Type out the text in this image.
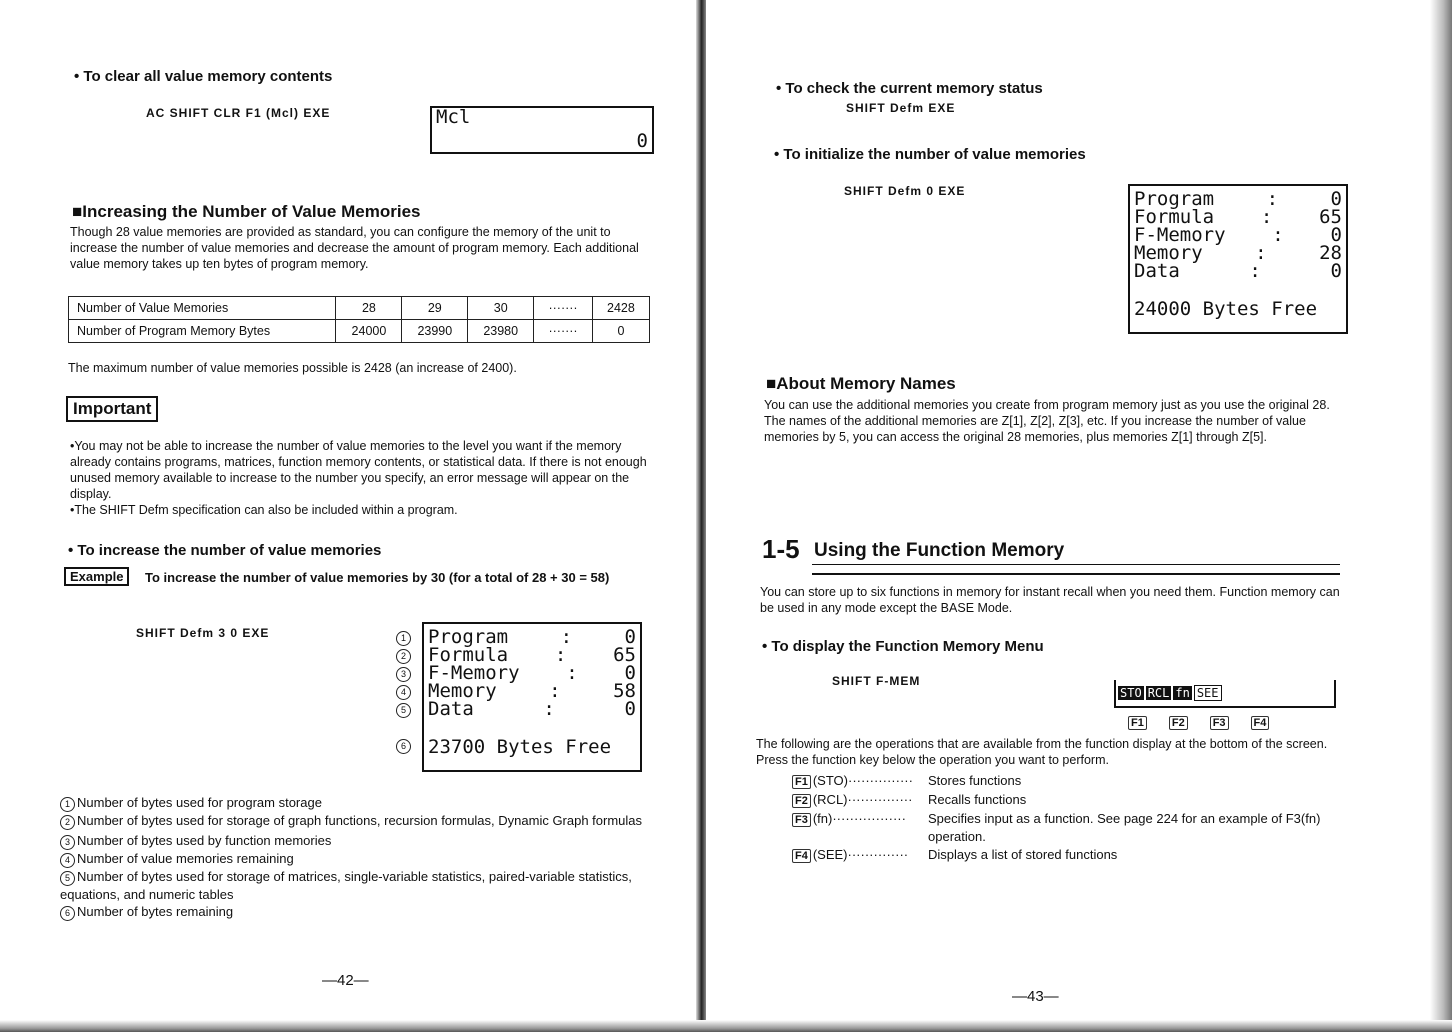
• To clear all value memory contents
AC SHIFT CLR F1 (Mcl) EXE	Mcl
0
■Increasing the Number of Value Memories
Though 28 value memories are provided as standard, you can configure the memory of the unit to increase the number of value memories and decrease the amount of program memory. Each additional value memory takes up ten bytes of program memory.
Number of Value Memories	28	29	30	·······	2428
Number of Program Memory Bytes	24000	23990	23980	·······	0
The maximum number of value memories possible is 2428 (an increase of 2400).
Important
•You may not be able to increase the number of value memories to the level you want if the memory already contains programs, matrices, function memory contents, or statistical data. If there is not enough unused memory available to increase to the number you specify, an error message will appear on the display.
•The SHIFT Defm specification can also be included within a program.
• To increase the number of value memories
Example	To increase the number of value memories by 30 (for a total of 28 + 30 = 58)
SHIFT Defm 3 0 EXE	1
2
3
4
5
6
Program	:	0
Formula : 65
F-Memory : 0
Memory	:	58
Data	:	0
23700 Bytes Free
1 Number of bytes used for program storage
2 Number of bytes used for storage of graph functions, recursion formulas, Dynamic Graph formulas
3 Number of bytes used by function memories
4 Number of value memories remaining
5 Number of bytes used for storage of matrices, single-variable statistics, paired-variable statistics, equations, and numeric tables
6 Number of bytes remaining
—42—
• To check the current memory status
SHIFT Defm EXE
• To initialize the number of value memories
SHIFT Defm 0 EXE	Program	:	0
Formula : 65
F-Memory : 0
Memory	:	28
Data	:	0
24000 Bytes Free
■About Memory Names
You can use the additional memories you create from program memory just as you use the original 28. The names of the additional memories are Z[1], Z[2], Z[3], etc. If you increase the number of value memories by 5, you can access the original 28 memories, plus memories Z[1] through Z[5].
1-5 Using the Function Memory
You can store up to six functions in memory for instant recall when you need them. Function memory can be used in any mode except the BASE Mode.
• To display the Function Memory Menu
SHIFT F-MEM
STO RCL fn SEE
F1	F2	F3	F4
The following are the operations that are available from the function display at the bottom of the screen. Press the function key below the operation you want to perform.
F1 (STO)···············	Stores functions
F2 (RCL)···············	Recalls functions
F3 (fn)·················	Specifies input as a function. See page 224 for an example of F3(fn) operation.
F4 (SEE)··············	Displays a list of stored functions
—43—
